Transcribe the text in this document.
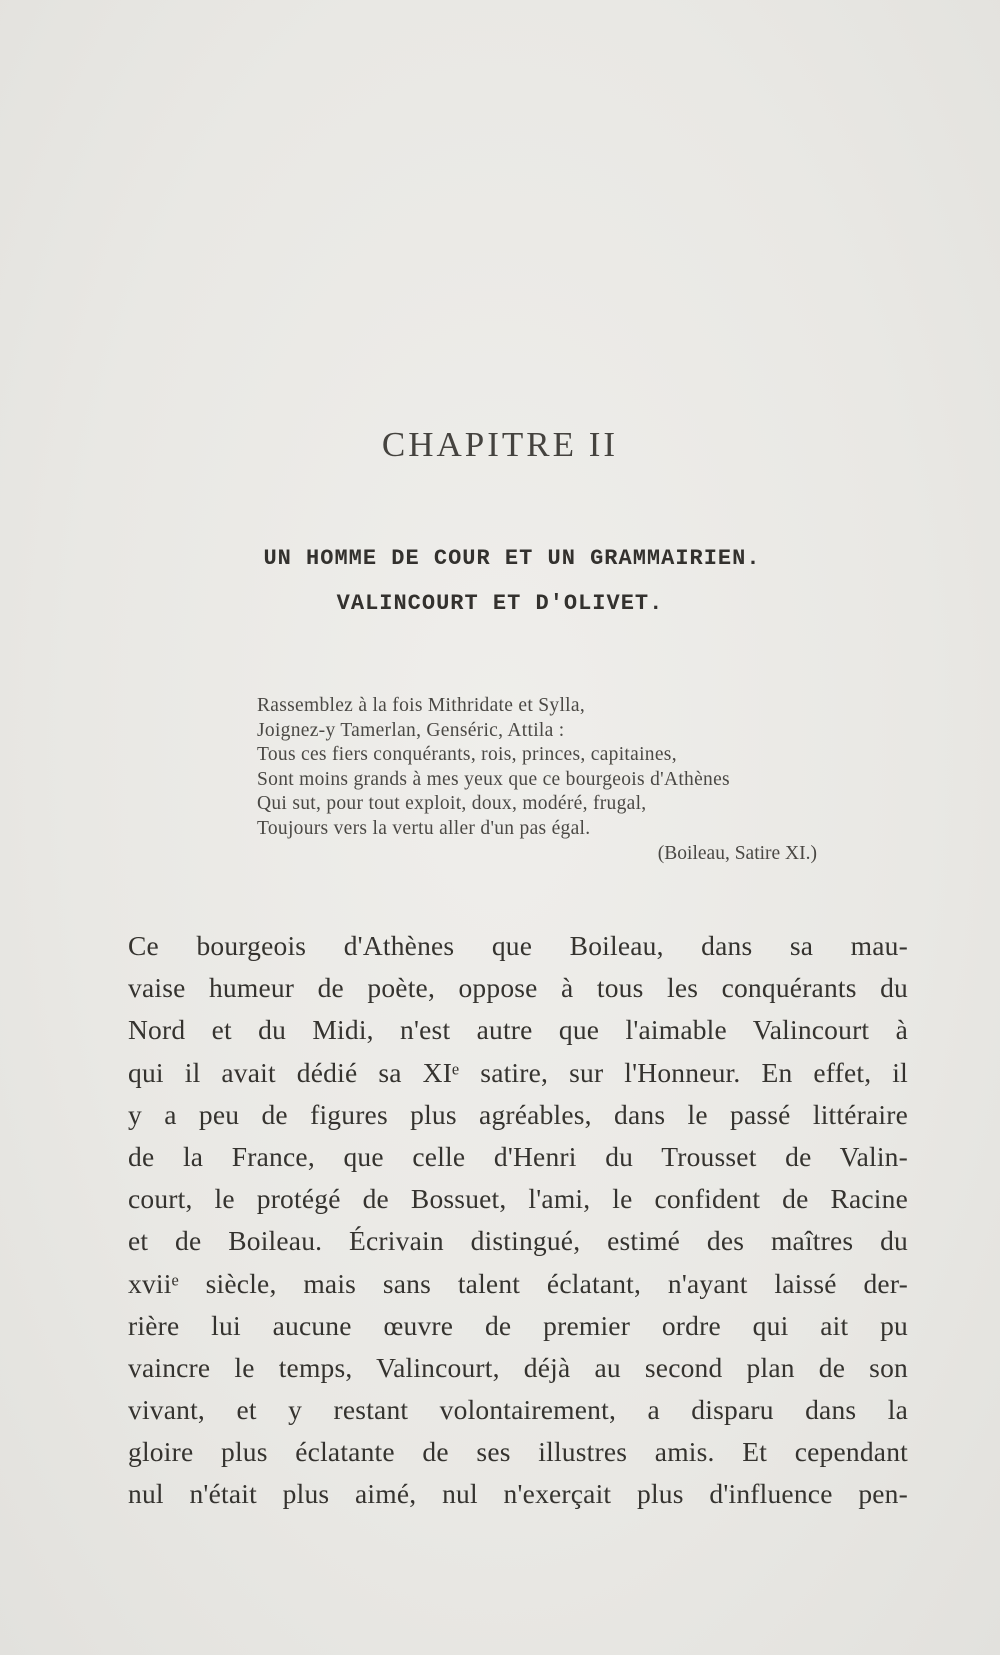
CHAPITRE II
UN HOMME DE COUR ET UN GRAMMAIRIEN.
VALINCOURT ET D'OLIVET.
Rassemblez à la fois Mithridate et Sylla,
Joignez-y Tamerlan, Genséric, Attila :
Tous ces fiers conquérants, rois, princes, capitaines,
Sont moins grands à mes yeux que ce bourgeois d'Athènes
Qui sut, pour tout exploit, doux, modéré, frugal,
Toujours vers la vertu aller d'un pas égal.
(Boileau, Satire XI.)
Ce bourgeois d'Athènes que Boileau, dans sa mau-
vaise humeur de poète, oppose à tous les conquérants du
Nord et du Midi, n'est autre que l'aimable Valincourt à
qui il avait dédié sa XIᵉ satire, sur l'Honneur. En effet, il
y a peu de figures plus agréables, dans le passé littéraire
de la France, que celle d'Henri du Trousset de Valin-
court, le protégé de Bossuet, l'ami, le confident de Racine
et de Boileau. Écrivain distingué, estimé des maîtres du
xviiᵉ siècle, mais sans talent éclatant, n'ayant laissé der-
rière lui aucune œuvre de premier ordre qui ait pu
vaincre le temps, Valincourt, déjà au second plan de son
vivant, et y restant volontairement, a disparu dans la
gloire plus éclatante de ses illustres amis. Et cependant
nul n'était plus aimé, nul n'exerçait plus d'influence pen-
